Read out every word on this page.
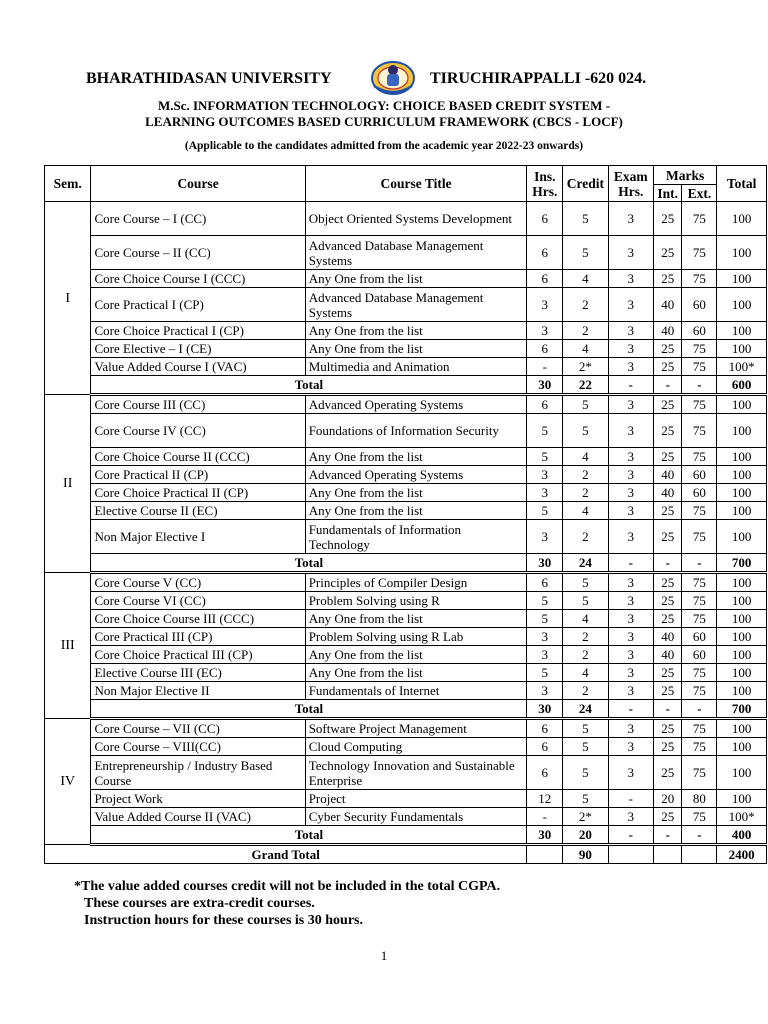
BHARATHIDASAN UNIVERSITY	TIRUCHIRAPPALLI -620 024.
M.Sc. INFORMATION TECHNOLOGY: CHOICE BASED CREDIT SYSTEM -
LEARNING OUTCOMES BASED CURRICULUM FRAMEWORK (CBCS - LOCF)
(Applicable to the candidates admitted from the academic year 2022-23 onwards)
Sem.	Course	Course Title	Ins. Hrs.	Credit	Exam Hrs.	Marks		Total
						Int.	Ext.	
I	Core Course – I (CC)	Object Oriented Systems Development	6	5	3	25	75	100
	Core Course – II (CC)	Advanced Database Management Systems	6	5	3	25	75	100
	Core Choice Course I (CCC)	Any One from the list	6	4	3	25	75	100
	Core Practical I (CP)	Advanced Database Management Systems	3	2	3	40	60	100
	Core Choice Practical I (CP)	Any One from the list	3	2	3	40	60	100
	Core Elective – I (CE)	Any One from the list	6	4	3	25	75	100
	Value Added Course I (VAC)	Multimedia and Animation	-	2*	3	25	75	100*
	Total		30	22	-	-	-	600
II	Core Course III (CC)	Advanced Operating Systems	6	5	3	25	75	100
	Core Course IV (CC)	Foundations of Information Security	5	5	3	25	75	100
	Core Choice Course II (CCC)	Any One from the list	5	4	3	25	75	100
	Core Practical II (CP)	Advanced Operating Systems	3	2	3	40	60	100
	Core Choice Practical II (CP)	Any One from the list	3	2	3	40	60	100
	Elective Course II (EC)	Any One from the list	5	4	3	25	75	100
	Non Major Elective I	Fundamentals of Information Technology	3	2	3	25	75	100
	Total		30	24	-	-	-	700
III	Core Course V (CC)	Principles of Compiler Design	6	5	3	25	75	100
	Core Course VI (CC)	Problem Solving using R	5	5	3	25	75	100
	Core Choice Course III (CCC)	Any One from the list	5	4	3	25	75	100
	Core Practical III (CP)	Problem Solving using R Lab	3	2	3	40	60	100
	Core Choice Practical III (CP)	Any One from the list	3	2	3	40	60	100
	Elective Course III (EC)	Any One from the list	5	4	3	25	75	100
	Non Major Elective II	Fundamentals of Internet	3	2	3	25	75	100
	Total		30	24	-	-	-	700
IV	Core Course – VII (CC)	Software Project Management	6	5	3	25	75	100
	Core Course – VIII(CC)	Cloud Computing	6	5	3	25	75	100
	Entrepreneurship / Industry Based Course	Technology Innovation and Sustainable Enterprise	6	5	3	25	75	100
	Project Work	Project	12	5	-	20	80	100
	Value Added Course II (VAC)	Cyber Security Fundamentals	-	2*	3	25	75	100*
	Total		30	20	-	-	-	400
Grand Total				90				2400
*The value added courses credit will not be included in the total CGPA.
These courses are extra-credit courses.
Instruction hours for these courses is 30 hours.
1
